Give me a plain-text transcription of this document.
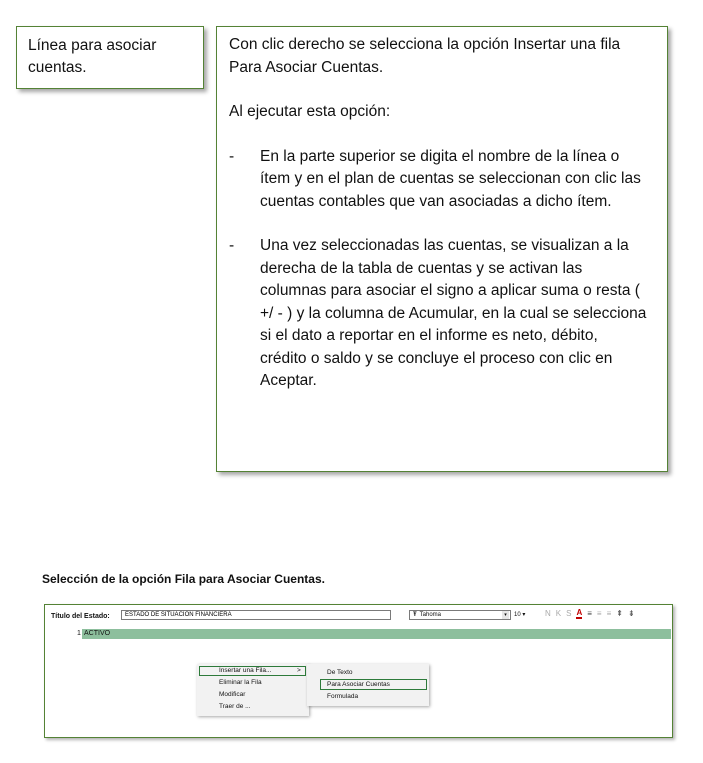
Línea para asociar cuentas.

Con clic derecho se selecciona la opción Insertar una fila Para Asociar Cuentas.

Al ejecutar esta opción:

-	En la parte superior se digita el nombre de la línea o ítem y en el plan de cuentas se seleccionan con clic las cuentas contables que van asociadas a dicho ítem.
-	Una vez seleccionadas las cuentas, se visualizan a la derecha de la tabla de cuentas y se activan las columnas para asociar el signo a aplicar suma o resta ( +/ - ) y la columna de Acumular, en la cual se selecciona si el dato a reportar en el informe es neto, débito, crédito o saldo y se concluye el proceso con clic en Aceptar.
Selección de la opción Fila para Asociar Cuentas.
Título del Estado:
ESTADO DE SITUACION FINANCIERA	Ŧ Tahoma	▾	10 ▾	N K S A ≡ ≡ ≡ ⇞ ⇟
1 ACTIVO
Insertar una Fila...	>
Eliminar la Fila
Modificar
Traer de ...
De Texto
Para Asociar Cuentas
Formulada
